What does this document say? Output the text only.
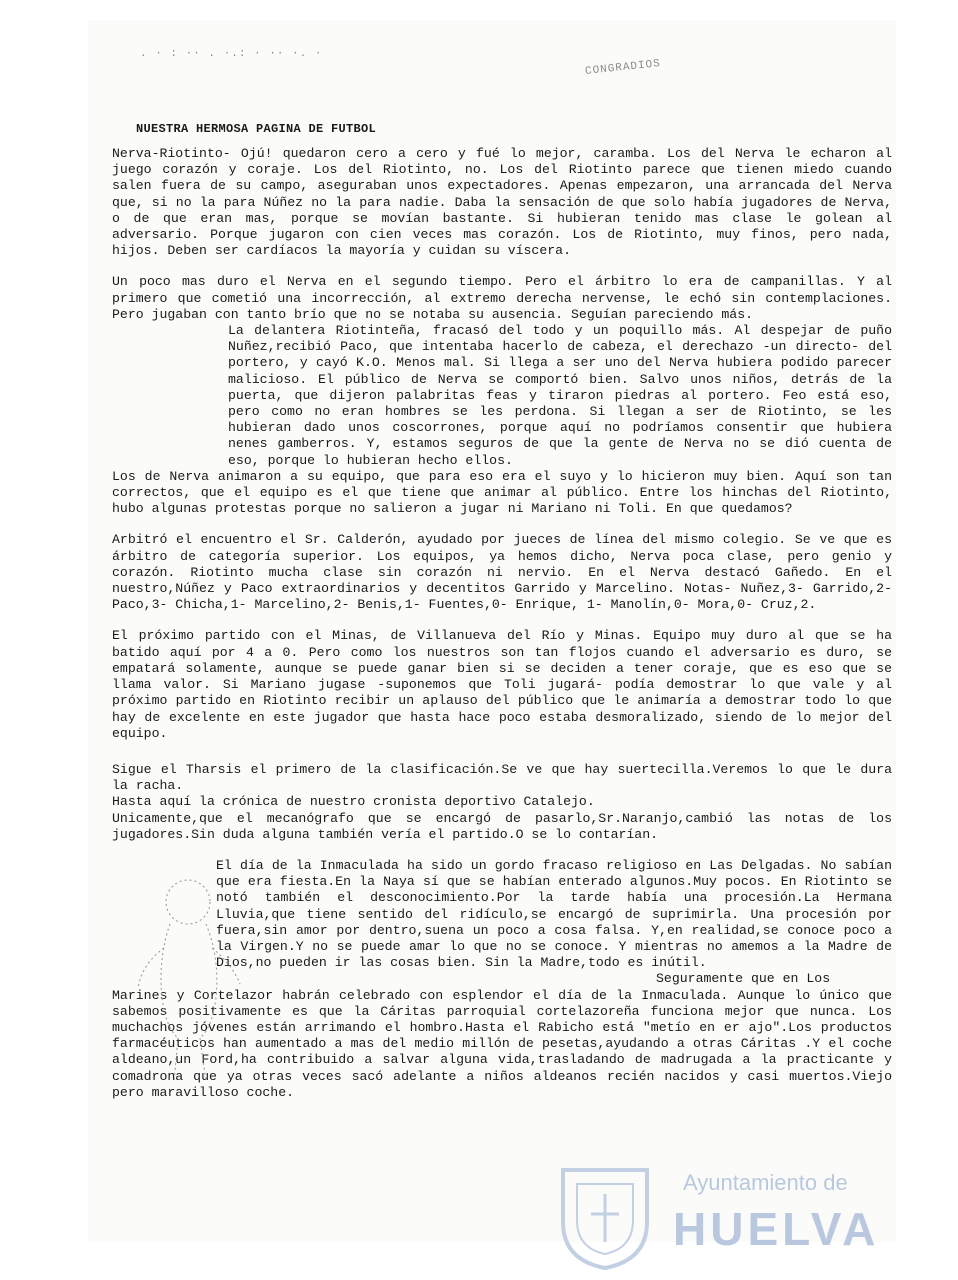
. · : ·· . ·.: · ·· ·. ·
CONGRADIOS
NUESTRA HERMOSA PAGINA DE FUTBOL

Nerva-Riotinto- Ojú! quedaron cero a cero y fué lo mejor, caramba. Los del Nerva le echaron al juego corazón y coraje. Los del Riotinto, no. Los del Riotinto parece que tienen miedo cuando salen fuera de su campo, aseguraban unos expectadores. Apenas empezaron, una arrancada del Nerva que, si no la para Núñez no la para nadie. Daba la sensación de que solo había jugadores de Nerva, o de que eran mas, porque se movían bastante. Si hubieran tenido mas clase le golean al adversario. Porque jugaron con cien veces mas corazón. Los de Riotinto, muy finos, pero nada, hijos. Deben ser cardíacos la mayoría y cuidan su víscera.

Un poco mas duro el Nerva en el segundo tiempo. Pero el árbitro lo era de campanillas. Y al primero que cometió una incorrección, al extremo derecha nervense, le echó sin contemplaciones. Pero jugaban con tanto brío que no se notaba su ausencia. Seguían pareciendo más.

La delantera Riotinteña, fracasó del todo y un poquillo más. Al despejar de puño Nuñez,recibió Paco, que intentaba hacerlo de cabeza, el derechazo -un directo- del portero, y cayó K.O. Menos mal. Si llega a ser uno del Nerva hubiera podido parecer malicioso. El público de Nerva se comportó bien. Salvo unos niños, detrás de la puerta, que dijeron palabritas feas y tiraron piedras al portero. Feo está eso, pero como no eran hombres se les perdona. Si llegan a ser de Riotinto, se les hubieran dado unos coscorrones, porque aquí no podríamos consentir que hubiera nenes gamberros. Y, estamos seguros de que la gente de Nerva no se dió cuenta de eso, porque lo hubieran hecho ellos.

Los de Nerva animaron a su equipo, que para eso era el suyo y lo hicieron muy bien. Aquí son tan correctos, que el equipo es el que tiene que animar al público. Entre los hinchas del Riotinto, hubo algunas protestas porque no salieron a jugar ni Mariano ni Toli. En que quedamos?

Arbitró el encuentro el Sr. Calderón, ayudado por jueces de línea del mismo colegio. Se ve que es árbitro de categoría superior. Los equipos, ya hemos dicho, Nerva poca clase, pero genio y corazón. Riotinto mucha clase sin corazón ni nervio. En el Nerva destacó Gañedo. En el nuestro,Núñez y Paco extraordinarios y decentitos Garrido y Marcelino. Notas- Nuñez,3- Garrido,2- Paco,3- Chicha,1- Marcelino,2- Benis,1- Fuentes,0- Enrique, 1- Manolín,0- Mora,0- Cruz,2.

El próximo partido con el Minas, de Villanueva del Río y Minas. Equipo muy duro al que se ha batido aquí por 4 a 0. Pero como los nuestros son tan flojos cuando el adversario es duro, se empatará solamente, aunque se puede ganar bien si se deciden a tener coraje, que es eso que se llama valor. Si Mariano jugase -suponemos que Toli jugará- podía demostrar lo que vale y al próximo partido en Riotinto recibir un aplauso del público que le animaría a demostrar todo lo que hay de excelente en este jugador que hasta hace poco estaba desmoralizado, siendo de lo mejor del equipo.

Sigue el Tharsis el primero de la clasificación.Se ve que hay suertecilla.Veremos lo que le dura la racha.

Hasta aquí la crónica de nuestro cronista deportivo Catalejo.

Unicamente,que el mecanógrafo que se encargó de pasarlo,Sr.Naranjo,cambió las notas de los jugadores.Sin duda alguna también vería el partido.O se lo contarían.

El día de la Inmaculada ha sido un gordo fracaso religioso en Las Delgadas. No sabían que era fiesta.En la Naya sí que se habían enterado algunos.Muy pocos. En Riotinto se notó también el desconocimiento.Por la tarde había una procesión.La Hermana Lluvia,que tiene sentido del ridículo,se encargó de suprimirla. Una procesión por fuera,sin amor por dentro,suena un poco a cosa falsa. Y,en realidad,se conoce poco a la Virgen.Y no se puede amar lo que no se conoce. Y mientras no amemos a la Madre de Dios,no pueden ir las cosas bien. Sin la Madre,todo es inútil.

Seguramente que en Los

Marines y Cortelazor habrán celebrado con esplendor el día de la Inmaculada. Aunque lo único que sabemos positivamente es que la Cáritas parroquial cortelazoreña funciona mejor que nunca. Los muchachos jóvenes están arrimando el hombro.Hasta el Rabicho está "metío en er ajo".Los productos farmacéuticos han aumentado a mas del medio millón de pesetas,ayudando a otras Cáritas .Y el coche aldeano,un Ford,ha contribuido a salvar alguna vida,trasladando de madrugada a la practicante y comadrona que ya otras veces sacó adelante a niños aldeanos recién nacidos y casi muertos.Viejo pero maravilloso coche.

Ayuntamiento de
HUELVA
